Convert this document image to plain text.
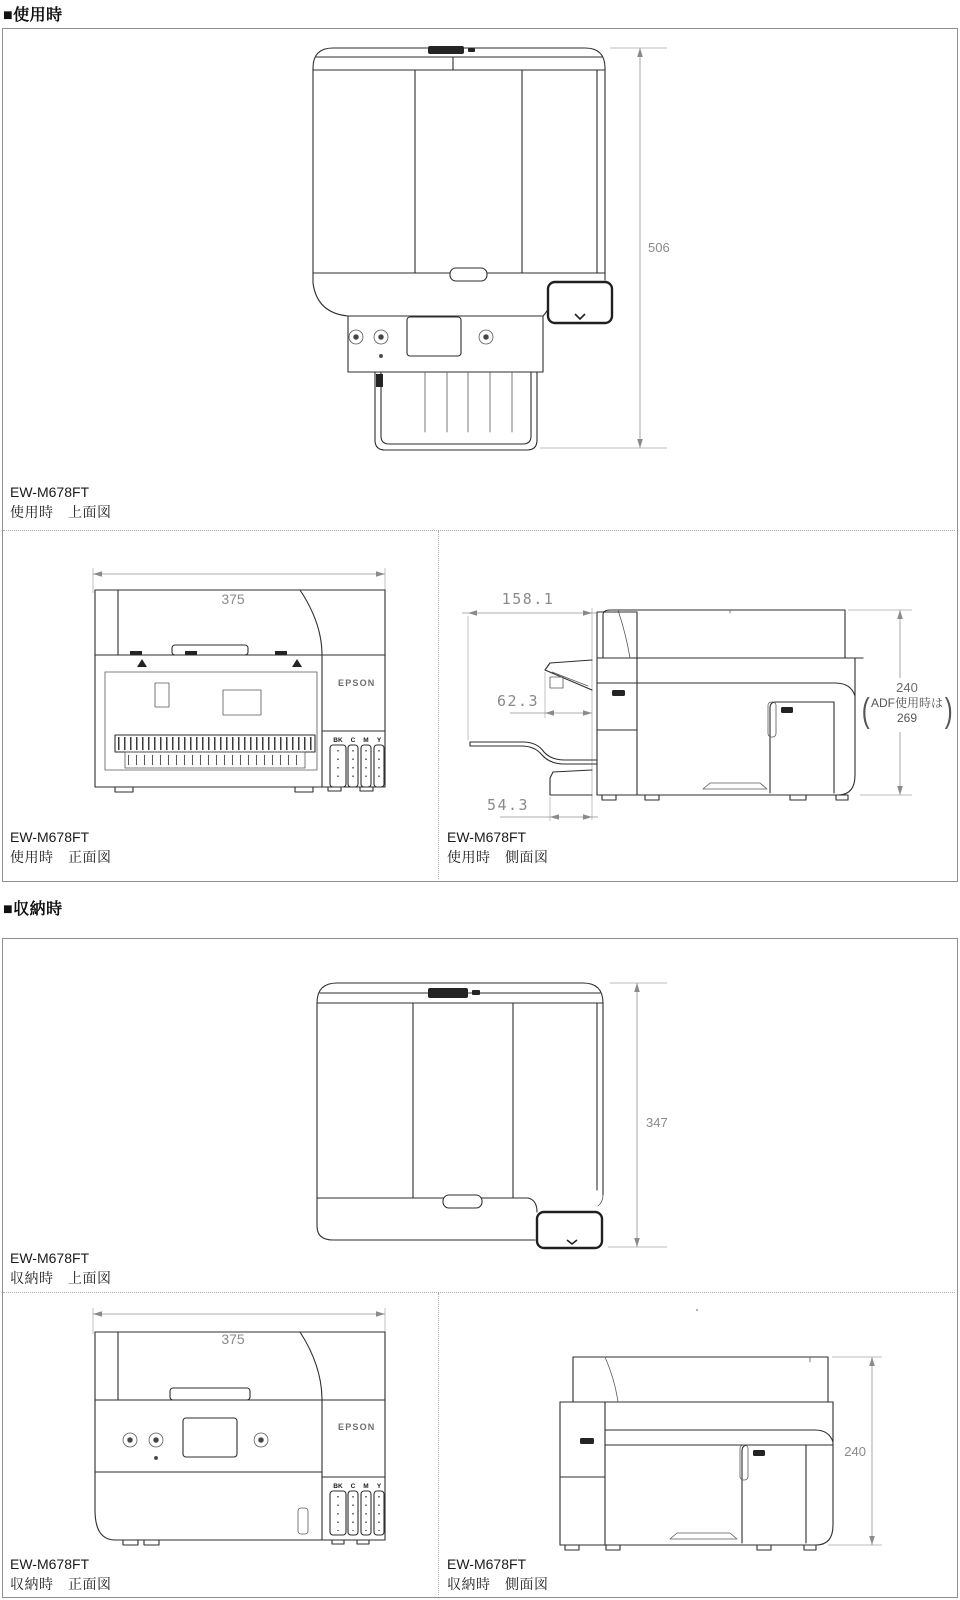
■使用時
■収納時
506
EW-M678FT
使用時　上面図
375
EPSON
BK C M Y
EW-M678FT
使用時　正面図
EW-M678FT
使用時　側面図
158.1
62.3
54.3
240
( ADF使用時は
269 )
347
EW-M678FT
収納時　上面図
375
EPSON
BK C M Y
EW-M678FT
収納時　正面図
EW-M678FT
収納時　側面図
240
